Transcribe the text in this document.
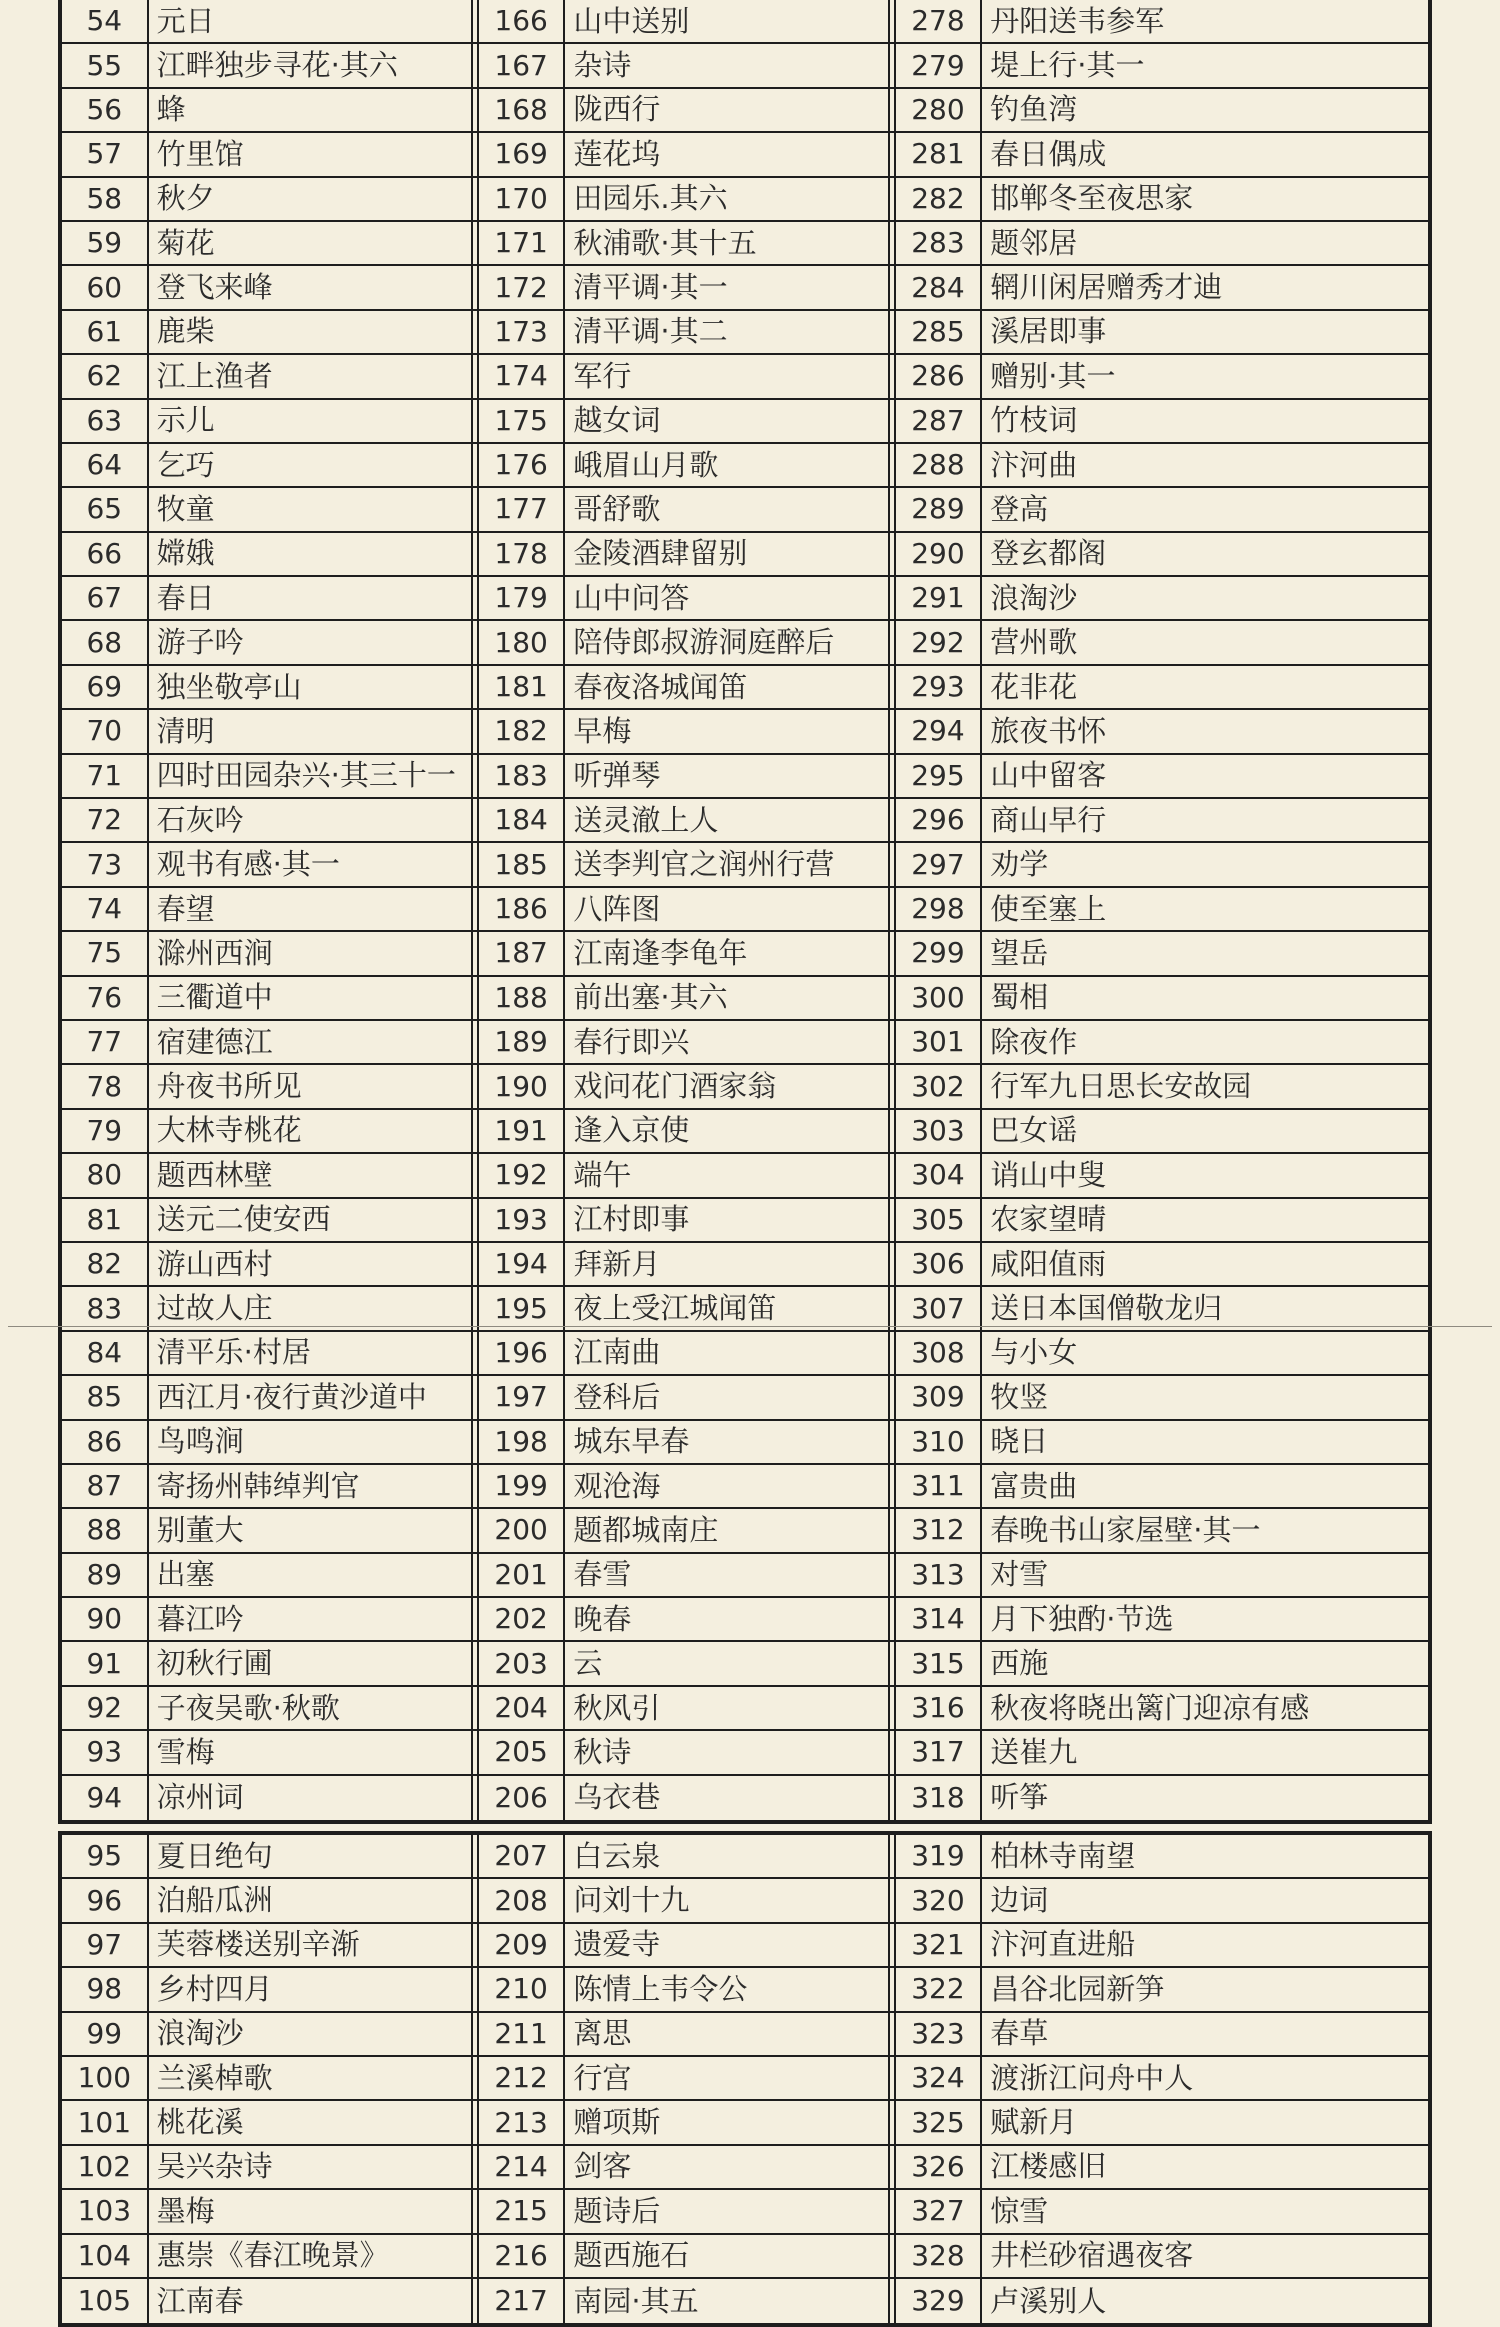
54	元日	166 山中送别	278 丹阳送韦参军
55	江畔独步寻花·其六	167 杂诗	279 堤上行·其一
56	蜂	168 陇西行	280 钓鱼湾
57	竹里馆	169 莲花坞	281 春日偶成
58	秋夕	170 田园乐.其六	282 邯郸冬至夜思家
59	菊花	171 秋浦歌·其十五	283 题邻居
60	登飞来峰	172 清平调·其一	284 辋川闲居赠秀才迪
61	鹿柴	173 清平调·其二	285 溪居即事
62	江上渔者	174 军行	286 赠别·其一
63	示儿	175 越女词	287 竹枝词
64	乞巧	176 峨眉山月歌	288 汴河曲
65	牧童	177 哥舒歌	289 登高
66	嫦娥	178 金陵酒肆留别	290 登玄都阁
67	春日	179 山中问答	291 浪淘沙
68	游子吟	180 陪侍郎叔游洞庭醉后	292 营州歌
69	独坐敬亭山	181 春夜洛城闻笛	293 花非花
70	清明	182 早梅	294 旅夜书怀
71	四时田园杂兴·其三十一	183 听弹琴	295 山中留客
72	石灰吟	184 送灵澈上人	296 商山早行
73	观书有感·其一	185 送李判官之润州行营	297 劝学
74	春望	186 八阵图	298 使至塞上
75	滁州西涧	187 江南逢李龟年	299 望岳
76	三衢道中	188 前出塞·其六	300 蜀相
77	宿建德江	189 春行即兴	301 除夜作
78	舟夜书所见	190 戏问花门酒家翁	302 行军九日思长安故园
79	大林寺桃花	191 逢入京使	303 巴女谣
80	题西林壁	192 端午	304 诮山中叟
81	送元二使安西	193 江村即事	305 农家望晴
82	游山西村	194 拜新月	306 咸阳值雨
83	过故人庄	195 夜上受江城闻笛	307 送日本国僧敬龙归
84	清平乐·村居	196 江南曲	308 与小女
85	西江月·夜行黄沙道中	197 登科后	309 牧竖
86	鸟鸣涧	198 城东早春	310 晓日
87	寄扬州韩绰判官	199 观沧海	311 富贵曲
88	别董大	200 题都城南庄	312 春晚书山家屋壁·其一
89	出塞	201 春雪	313 对雪
90	暮江吟	202 晚春	314 月下独酌·节选
91	初秋行圃	203 云	315 西施
92	子夜吴歌·秋歌	204 秋风引	316 秋夜将晓出篱门迎凉有感
93	雪梅	205 秋诗	317 送崔九
94	凉州词	206 乌衣巷	318 听筝
95	夏日绝句	207 白云泉	319 柏林寺南望
96	泊船瓜洲	208 问刘十九	320 边词
97	芙蓉楼送别辛渐	209 遗爱寺	321 汴河直进船
98	乡村四月	210 陈情上韦令公	322 昌谷北园新笋
99	浪淘沙	211 离思	323 春草
100 兰溪棹歌	212 行宫	324 渡浙江问舟中人
101 桃花溪	213 赠项斯	325 赋新月
102 吴兴杂诗	214 剑客	326 江楼感旧
103 墨梅	215 题诗后	327 惊雪
104 惠崇《春江晚景》	216 题西施石	328 井栏砂宿遇夜客
105 江南春	217 南园·其五	329 卢溪别人
